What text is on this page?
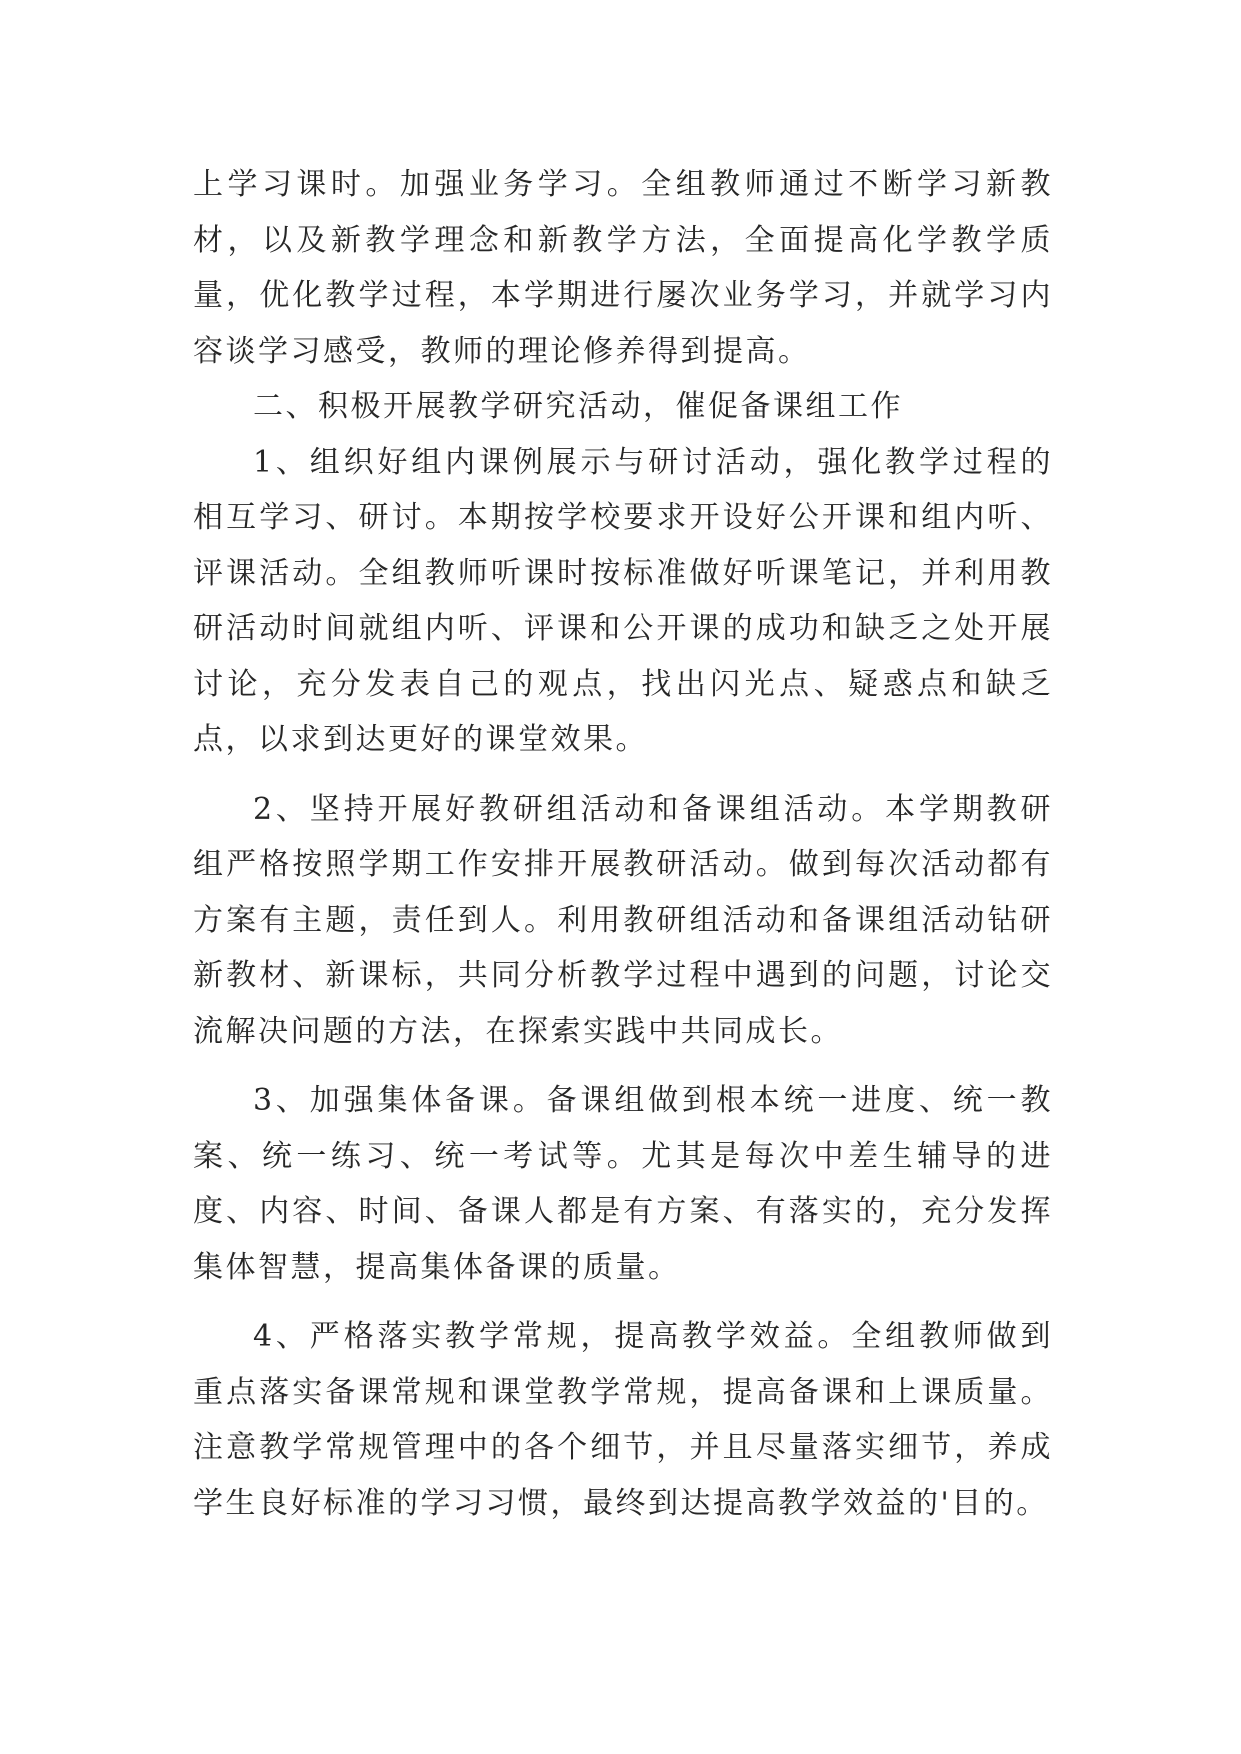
上学习课时。加强业务学习。全组教师通过不断学习新教材，以及新教学理念和新教学方法，全面提高化学教学质量，优化教学过程，本学期进行屡次业务学习，并就学习内容谈学习感受，教师的理论修养得到提高。

二、积极开展教学研究活动，催促备课组工作

1、组织好组内课例展示与研讨活动，强化教学过程的相互学习、研讨。本期按学校要求开设好公开课和组内听、评课活动。全组教师听课时按标准做好听课笔记，并利用教研活动时间就组内听、评课和公开课的成功和缺乏之处开展讨论，充分发表自己的观点，找出闪光点、疑惑点和缺乏点，以求到达更好的课堂效果。

2、坚持开展好教研组活动和备课组活动。本学期教研组严格按照学期工作安排开展教研活动。做到每次活动都有方案有主题，责任到人。利用教研组活动和备课组活动钻研新教材、新课标，共同分析教学过程中遇到的问题，讨论交流解决问题的方法，在探索实践中共同成长。

3、加强集体备课。备课组做到根本统一进度、统一教案、统一练习、统一考试等。尤其是每次中差生辅导的进度、内容、时间、备课人都是有方案、有落实的，充分发挥集体智慧，提高集体备课的质量。

4、严格落实教学常规，提高教学效益。全组教师做到重点落实备课常规和课堂教学常规，提高备课和上课质量。注意教学常规管理中的各个细节，并且尽量落实细节，养成学生良好标准的学习习惯，最终到达提高教学效益的'目的。
